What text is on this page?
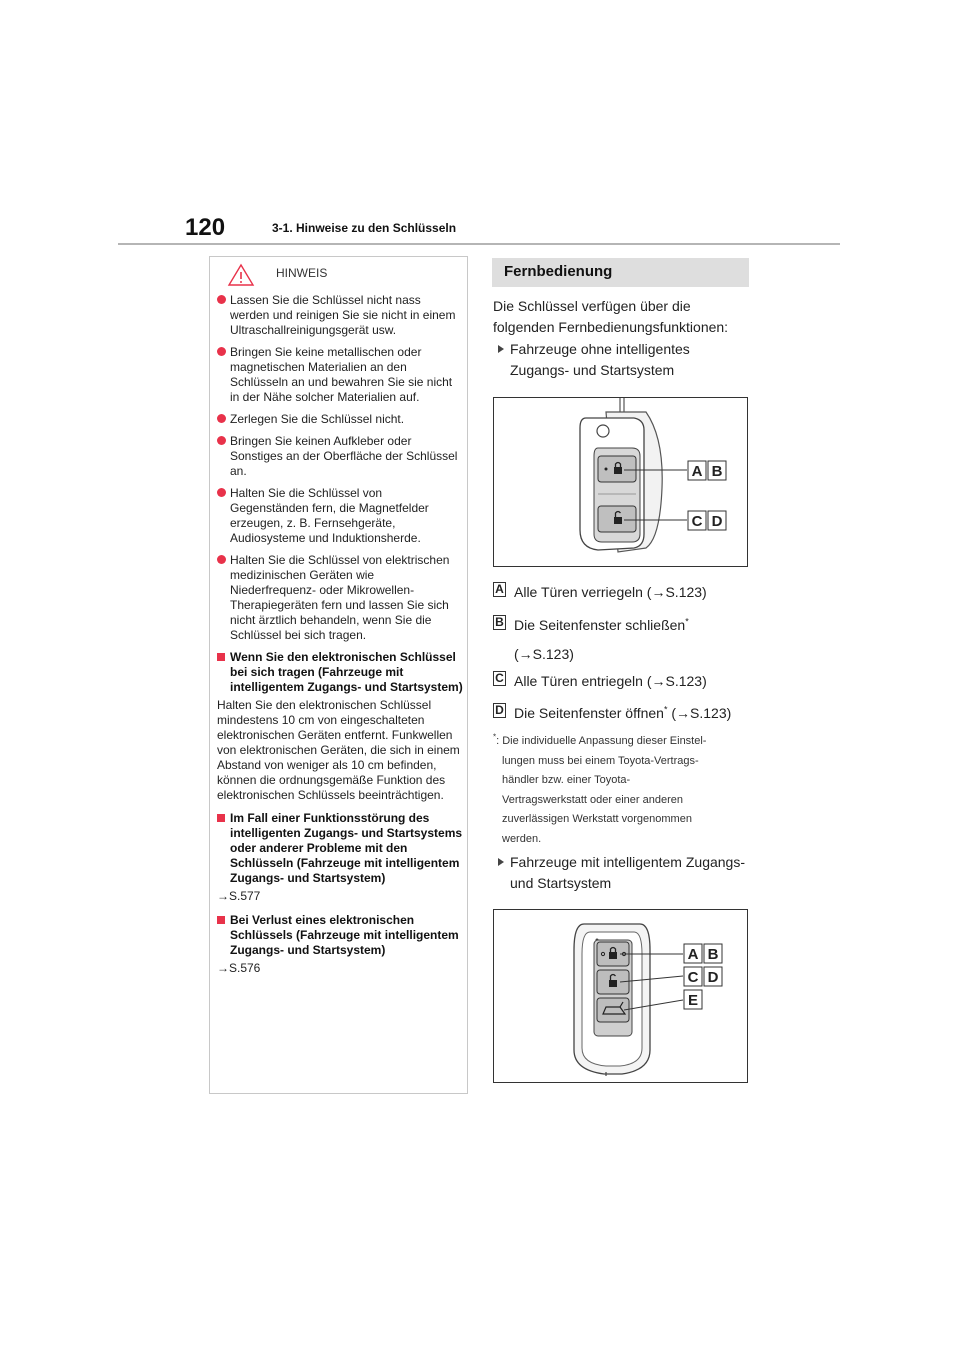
120	3-1. Hinweise zu den Schlüsseln
HINWEIS
Lassen Sie die Schlüssel nicht nass werden und reinigen Sie sie nicht in einem Ultraschallreinigungsgerät usw.
Bringen Sie keine metallischen oder magnetischen Materialien an den Schlüsseln an und bewahren Sie sie nicht in der Nähe solcher Materialien auf.
Zerlegen Sie die Schlüssel nicht.
Bringen Sie keinen Aufkleber oder Sonstiges an der Oberfläche der Schlüssel an.
Halten Sie die Schlüssel von Gegenständen fern, die Magnetfelder erzeugen, z. B. Fernsehgeräte, Audiosysteme und Induktionsherde.
Halten Sie die Schlüssel von elektrischen medizinischen Geräten wie Niederfrequenz- oder Mikrowellen-Therapiegeräten fern und lassen Sie sich nicht ärztlich behandeln, wenn Sie die Schlüssel bei sich tragen.
Wenn Sie den elektronischen Schlüssel bei sich tragen (Fahrzeuge mit intelligentem Zugangs- und Startsystem)
Halten Sie den elektronischen Schlüssel mindestens 10 cm von eingeschalteten elektronischen Geräten entfernt. Funkwellen von elektronischen Geräten, die sich in einem Abstand von weniger als 10 cm befinden, können die ordnungsgemäße Funktion des elektronischen Schlüssels beeinträchtigen.
Im Fall einer Funktionsstörung des intelligenten Zugangs- und Startsystems oder anderer Probleme mit den Schlüsseln (Fahrzeuge mit intelligentem Zugangs- und Startsystem)
→S.577
Bei Verlust eines elektronischen Schlüssels (Fahrzeuge mit intelligentem Zugangs- und Startsystem)
→S.576
Fernbedienung
Die Schlüssel verfügen über die folgenden Fernbedienungsfunktionen:
Fahrzeuge ohne intelligentes Zugangs- und Startsystem
A B
C D
A Alle Türen verriegeln (→S.123)
B Die Seitenfenster schließen*
(→S.123)
C Alle Türen entriegeln (→S.123)
D Die Seitenfenster öffnen* (→S.123)
*: Die individuelle Anpassung dieser Einstel-
lungen muss bei einem Toyota-Vertrags-
händler bzw. einer Toyota-
Vertragswerkstatt oder einer anderen
zuverlässigen Werkstatt vorgenommen
werden.
Fahrzeuge mit intelligentem Zugangs- und Startsystem
A B
C D
E
